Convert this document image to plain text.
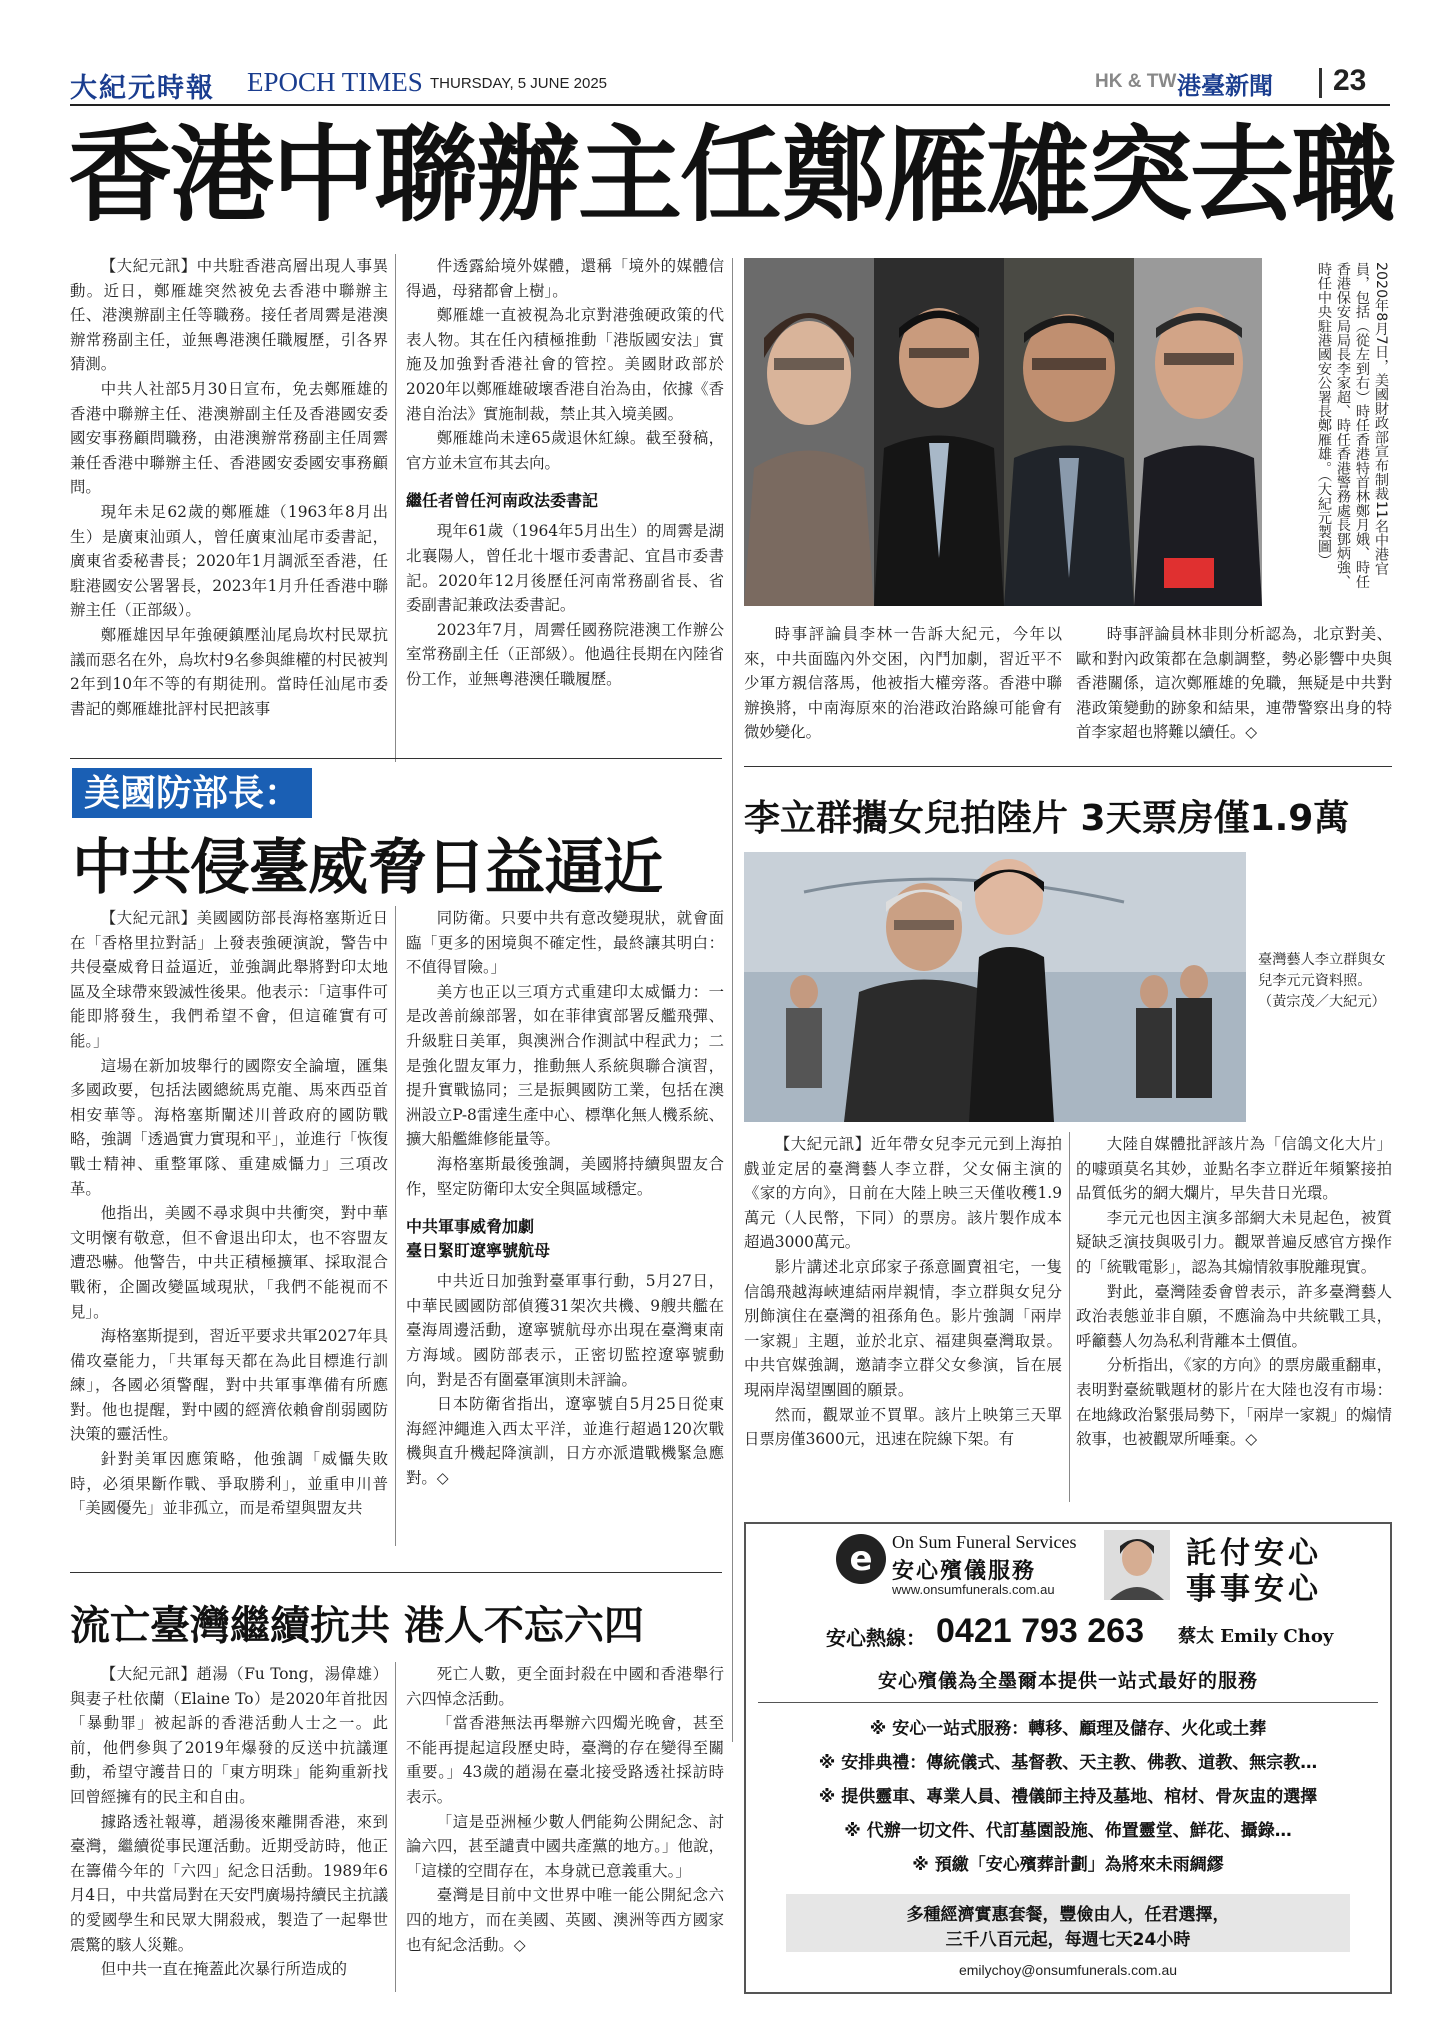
大紀元時報 EPOCH TIMES THURSDAY, 5 JUNE 2025	HK & TW 港臺新聞 23
香港中聯辦主任鄭雁雄突去職

【大紀元訊】中共駐香港高層出現人事異動。近日，鄭雁雄突然被免去香港中聯辦主任、港澳辦副主任等職務。接任者周霽是港澳辦常務副主任，並無粵港澳任職履歷，引各界猜測。

中共人社部5月30日宣布，免去鄭雁雄的香港中聯辦主任、港澳辦副主任及香港國安委國安事務顧問職務，由港澳辦常務副主任周霽兼任香港中聯辦主任、香港國安委國安事務顧問。

現年未足62歲的鄭雁雄（1963年8月出生）是廣東汕頭人，曾任廣東汕尾市委書記，廣東省委秘書長；2020年1月調派至香港，任駐港國安公署署長，2023年1月升任香港中聯辦主任（正部級）。

鄭雁雄因早年強硬鎮壓汕尾烏坎村民眾抗議而惡名在外，烏坎村9名參與維權的村民被判2年到10年不等的有期徒刑。當時任汕尾市委書記的鄭雁雄批評村民把該事

件透露給境外媒體，還稱「境外的媒體信得過，母豬都會上樹」。

鄭雁雄一直被視為北京對港強硬政策的代表人物。其在任內積極推動「港版國安法」實施及加強對香港社會的管控。美國財政部於2020年以鄭雁雄破壞香港自治為由，依據《香港自治法》實施制裁，禁止其入境美國。

鄭雁雄尚未達65歲退休紅線。截至發稿，官方並未宣布其去向。

繼任者曾任河南政法委書記

現年61歲（1964年5月出生）的周霽是湖北襄陽人，曾任北十堰市委書記、宜昌市委書記。2020年12月後歷任河南常務副省長、省委副書記兼政法委書記。

2023年7月，周霽任國務院港澳工作辦公室常務副主任（正部級）。他過往長期在內陸省份工作，並無粵港澳任職履歷。

2020年8月7日，美國財政部宣布制裁11名中港官員，包括（從左到右）時任香港特首林鄭月娥、時任香港保安局局長李家超、時任香港警務處長鄧炳強、時任中央駐港國安公署長鄭雁雄。（大紀元製圖）

時事評論員李林一告訴大紀元，今年以來，中共面臨內外交困，內鬥加劇，習近平不少軍方親信落馬，他被指大權旁落。香港中聯辦換將，中南海原來的治港政治路線可能會有微妙變化。

時事評論員林非則分析認為，北京對美、歐和對內政策都在急劇調整，勢必影響中央與香港關係，這次鄭雁雄的免職，無疑是中共對港政策變動的跡象和結果，連帶警察出身的特首李家超也將難以續任。◇

美國防部長：
中共侵臺威脅日益逼近

【大紀元訊】美國國防部長海格塞斯近日在「香格里拉對話」上發表強硬演說，警告中共侵臺威脅日益逼近，並強調此舉將對印太地區及全球帶來毀滅性後果。他表示：「這事件可能即將發生，我們希望不會，但這確實有可能。」

這場在新加坡舉行的國際安全論壇，匯集多國政要，包括法國總統馬克龍、馬來西亞首相安華等。海格塞斯闡述川普政府的國防戰略，強調「透過實力實現和平」，並進行「恢復戰士精神、重整軍隊、重建威懾力」三項改革。

他指出，美國不尋求與中共衝突，對中華文明懷有敬意，但不會退出印太，也不容盟友遭恐嚇。他警告，中共正積極擴軍、採取混合戰術，企圖改變區域現狀，「我們不能視而不見」。

海格塞斯提到，習近平要求共軍2027年具備攻臺能力，「共軍每天都在為此目標進行訓練」，各國必須警醒，對中共軍事準備有所應對。他也提醒，對中國的經濟依賴會削弱國防決策的靈活性。

針對美軍因應策略，他強調「威懾失敗時，必須果斷作戰、爭取勝利」，並重申川普「美國優先」並非孤立，而是希望與盟友共

同防衛。只要中共有意改變現狀，就會面臨「更多的困境與不確定性，最終讓其明白：不值得冒險。」

美方也正以三項方式重建印太威懾力：一是改善前線部署，如在菲律賓部署反艦飛彈、升級駐日美軍，與澳洲合作測試中程武力；二是強化盟友軍力，推動無人系統與聯合演習，提升實戰協同；三是振興國防工業，包括在澳洲設立P-8雷達生產中心、標準化無人機系統、擴大船艦維修能量等。

海格塞斯最後強調，美國將持續與盟友合作，堅定防衛印太安全與區域穩定。

中共軍事威脅加劇
臺日緊盯遼寧號航母

中共近日加強對臺軍事行動，5月27日，中華民國國防部偵獲31架次共機、9艘共艦在臺海周邊活動，遼寧號航母亦出現在臺灣東南方海域。國防部表示，正密切監控遼寧號動向，對是否有圍臺軍演則未評論。

日本防衛省指出，遼寧號自5月25日從東海經沖繩進入西太平洋，並進行超過120次戰機與直升機起降演訓，日方亦派遣戰機緊急應對。◇

流亡臺灣繼續抗共 港人不忘六四

【大紀元訊】趙湯（Fu Tong，湯偉雄）與妻子杜依蘭（Elaine To）是2020年首批因「暴動罪」被起訴的香港活動人士之一。此前，他們參與了2019年爆發的反送中抗議運動，希望守護昔日的「東方明珠」能夠重新找回曾經擁有的民主和自由。

據路透社報導，趙湯後來離開香港，來到臺灣，繼續從事民運活動。近期受訪時，他正在籌備今年的「六四」紀念日活動。1989年6月4日，中共當局對在天安門廣場持續民主抗議的愛國學生和民眾大開殺戒，製造了一起舉世震驚的駭人災難。

但中共一直在掩蓋此次暴行所造成的

死亡人數，更全面封殺在中國和香港舉行六四悼念活動。

「當香港無法再舉辦六四燭光晚會，甚至不能再提起這段歷史時，臺灣的存在變得至關重要。」43歲的趙湯在臺北接受路透社採訪時表示。

「這是亞洲極少數人們能夠公開紀念、討論六四，甚至譴責中國共產黨的地方。」他說，「這樣的空間存在，本身就已意義重大。」

臺灣是目前中文世界中唯一能公開紀念六四的地方，而在美國、英國、澳洲等西方國家也有紀念活動。◇

李立群攜女兒拍陸片 3天票房僅1.9萬
臺灣藝人李立群與女兒李元元資料照。（黃宗茂／大紀元）

【大紀元訊】近年帶女兒李元元到上海拍戲並定居的臺灣藝人李立群，父女倆主演的《家的方向》，日前在大陸上映三天僅收穫1.9萬元（人民幣，下同）的票房。該片製作成本超過3000萬元。

影片講述北京邱家子孫意圖賣祖宅，一隻信鴿飛越海峽連結兩岸親情，李立群與女兒分別飾演住在臺灣的祖孫角色。影片強調「兩岸一家親」主題，並於北京、福建與臺灣取景。中共官媒強調，邀請李立群父女參演，旨在展現兩岸渴望團圓的願景。

然而，觀眾並不買單。該片上映第三天單日票房僅3600元，迅速在院線下架。有

大陸自媒體批評該片為「信鴿文化大片」的噱頭莫名其妙，並點名李立群近年頻繁接拍品質低劣的網大爛片，早失昔日光環。

李元元也因主演多部網大未見起色，被質疑缺乏演技與吸引力。觀眾普遍反感官方操作的「統戰電影」，認為其煽情敘事脫離現實。

對此，臺灣陸委會曾表示，許多臺灣藝人政治表態並非自願，不應淪為中共統戰工具，呼籲藝人勿為私利背離本土價值。

分析指出，《家的方向》的票房嚴重翻車，表明對臺統戰題材的影片在大陸也沒有市場：在地緣政治緊張局勢下，「兩岸一家親」的煽情敘事，也被觀眾所唾棄。◇

e On Sum Funeral Services
安心殯儀服務
www.onsumfunerals.com.au
託付安心
事事安心
安心熱線： 0421 793 263 蔡太 Emily Choy
安心殯儀為全墨爾本提供一站式最好的服務
※ 安心一站式服務：轉移、顧理及儲存、火化或土葬
※ 安排典禮：傳統儀式、基督教、天主教、佛教、道教、無宗教…
※ 提供靈車、專業人員、禮儀師主持及墓地、棺材、骨灰盅的選擇
※ 代辦一切文件、代訂墓園設施、佈置靈堂、鮮花、攝錄…
※ 預繳「安心殯葬計劃」為將來未雨綢繆
多種經濟實惠套餐，豐儉由人，任君選擇，
三千八百元起，每週七天24小時
emilychoy@onsumfunerals.com.au
